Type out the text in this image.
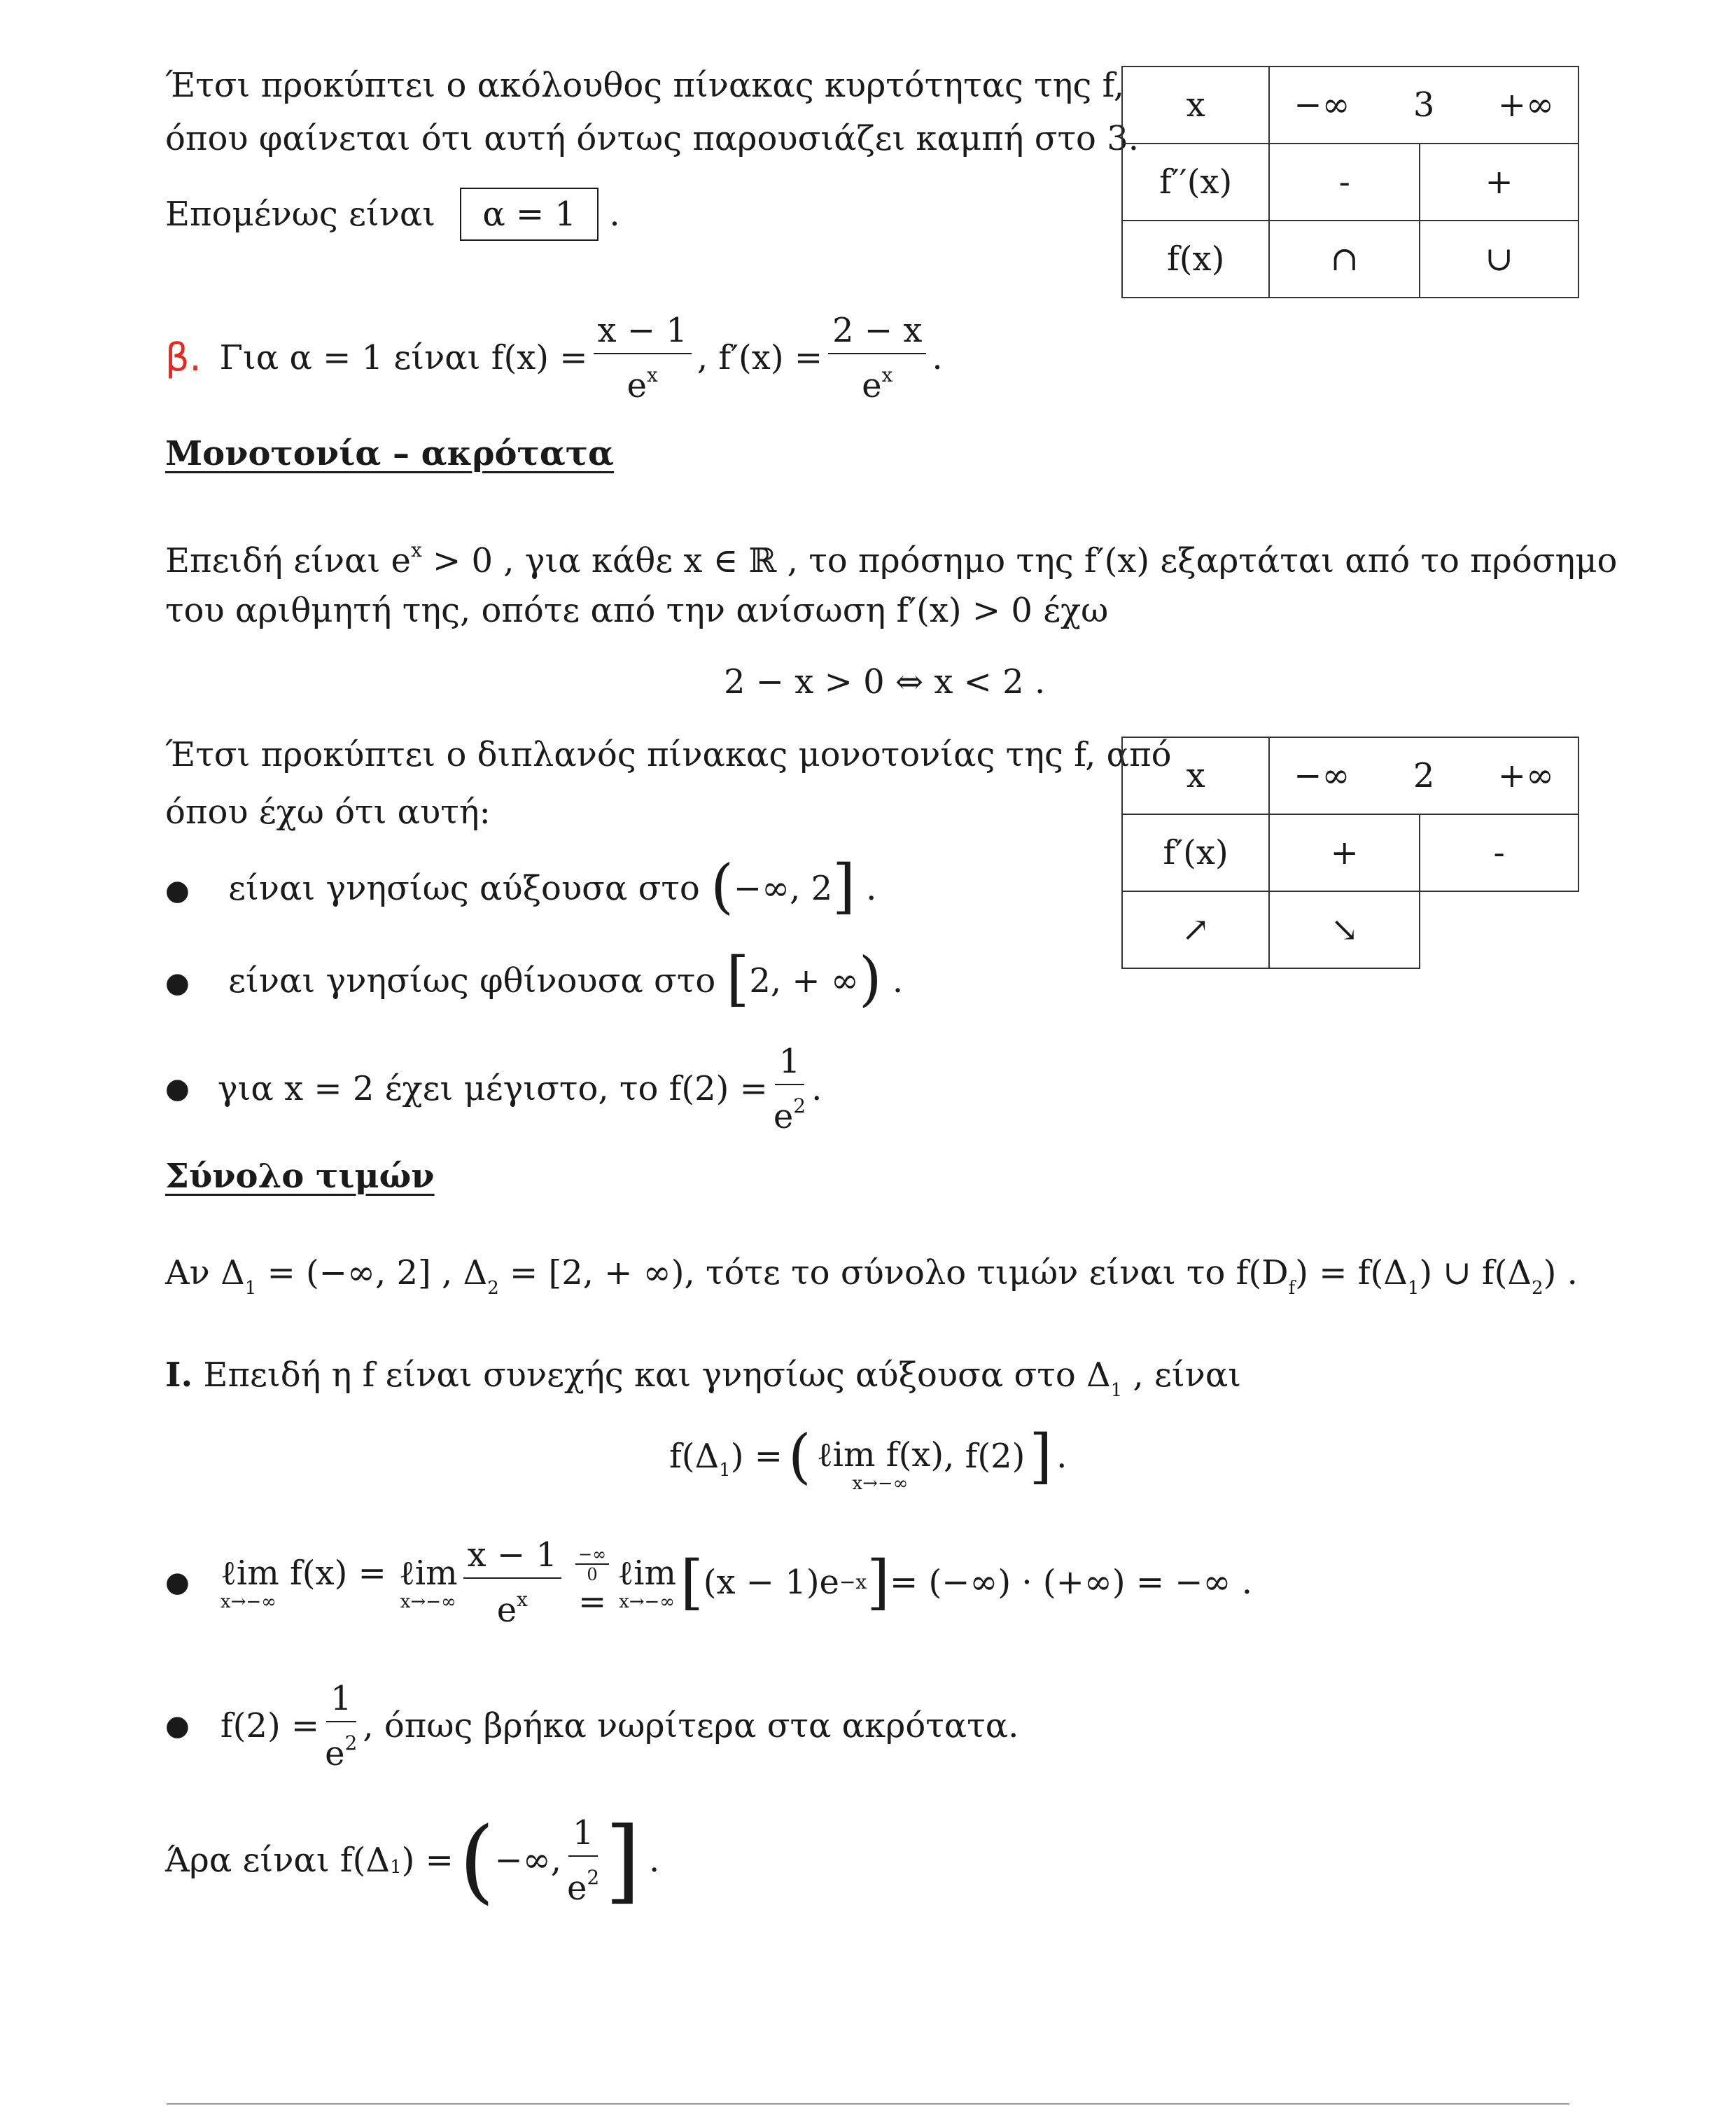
Έτσι προκύπτει ο ακόλουθος πίνακας κυρτότητας της f,
όπου φαίνεται ότι αυτή όντως παρουσιάζει καμπή στο 3.
Επομένως είναι α = 1 .
x	−∞ 3 +∞	

f′′(x)	-	+
f(x)	∩	∪
β. Για α = 1 είναι $f(x) = \frac{x - 1}{e^x}$ , $f'(x) = \frac{2 - x}{e^x}$ .
Μονοτονία – ακρότατα
Επειδή είναι $e^x > 0$ , για κάθε x ∈ ℝ , το πρόσημο της f′(x) εξαρτάται από το πρόσημο
του αριθμητή της, οπότε από την ανίσωση f′(x) > 0 έχω
2 − x > 0 ⇔ x < 2 .
Έτσι προκύπτει ο διπλανός πίνακας μονοτονίας της f, από
όπου έχω ότι αυτή:
x	−∞ 2 +∞	

f′(x)	+	-
↗	↘	
● είναι γνησίως αύξουσα στο (−∞, 2] .
● είναι γνησίως φθίνουσα στο [2, + ∞) .
● για x = 2 έχει μέγιστο, το $f(2) = \frac{1}{e^2}$ .
Σύνολο τιμών
Αν $\Delta_1$ = (−∞, 2] , $\Delta_2 = [2$, + ∞), τότε το σύνολο τιμών είναι το $f(D_f) = f(\Delta_1)$ ∪ $f(\Delta_2)$ .
I. Επειδή η f είναι συνεχής και γνησίως αύξουσα στο $\Delta_1$ , είναι
f(Δ 1 ) = ( ℓim f(x)
x→−∞
, f(2) ] .
● ℓim f(x) =
x→−∞
ℓim
$x\to-\infty \frac{x - 1}{e^x}$ −∞
0
=
ℓim
x→−∞ [ (x − 1)e −x ] = (−∞) · (+∞) = −∞ .
● $f(2) = \frac{1}{e^2}$ , όπως βρήκα νωρίτερα στα ακρότατα.
Άρα είναι f(Δ 1 ) = ( −∞, $\frac{1}{e^2}$ ] .
